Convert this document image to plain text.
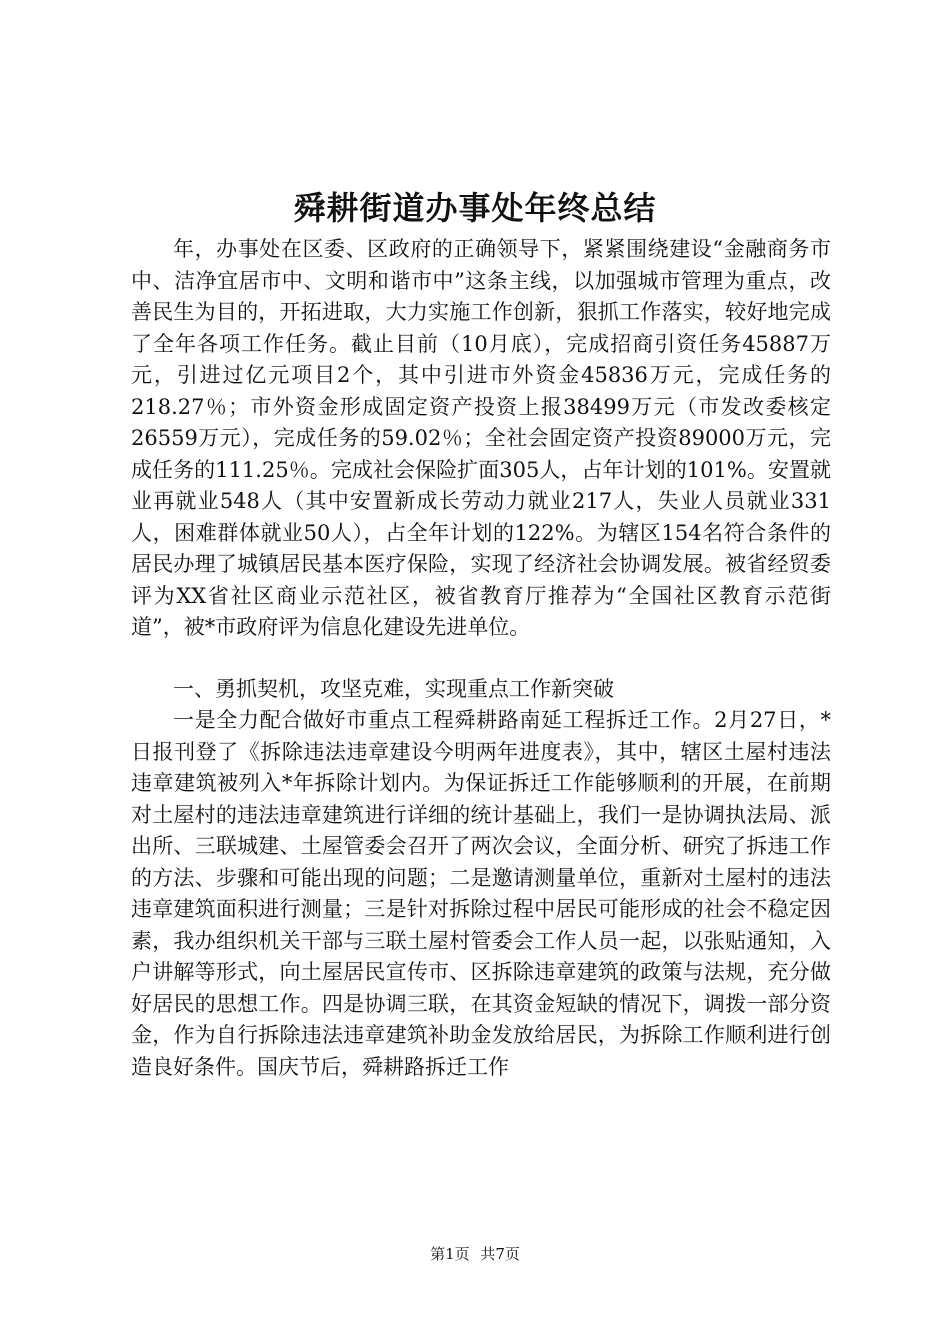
舜耕街道办事处年终总结

年，办事处在区委、区政府的正确领导下，紧紧围绕建设“金融商务市中、洁净宜居市中、文明和谐市中”这条主线，以加强城市管理为重点，改善民生为目的，开拓进取，大力实施工作创新，狠抓工作落实，较好地完成了全年各项工作任务。截止目前（10月底），完成招商引资任务45887万元，引进过亿元项目2个，其中引进市外资金45836万元，完成任务的218.27％；市外资金形成固定资产投资上报38499万元（市发改委核定26559万元），完成任务的59.02％；全社会固定资产投资89000万元，完成任务的111.25％。完成社会保险扩面305人，占年计划的101%。安置就业再就业548人（其中安置新成长劳动力就业217人，失业人员就业331人，困难群体就业50人），占全年计划的122%。为辖区154名符合条件的居民办理了城镇居民基本医疗保险，实现了经济社会协调发展。被省经贸委评为XX省社区商业示范社区，被省教育厅推荐为“全国社区教育示范街道”，被*市政府评为信息化建设先进单位。

一、勇抓契机，攻坚克难，实现重点工作新突破

一是全力配合做好市重点工程舜耕路南延工程拆迁工作。2月27日，*日报刊登了《拆除违法违章建设今明两年进度表》，其中，辖区土屋村违法违章建筑被列入*年拆除计划内。为保证拆迁工作能够顺利的开展，在前期对土屋村的违法违章建筑进行详细的统计基础上，我们一是协调执法局、派出所、三联城建、土屋管委会召开了两次会议，全面分析、研究了拆违工作的方法、步骤和可能出现的问题；二是邀请测量单位，重新对土屋村的违法违章建筑面积进行测量；三是针对拆除过程中居民可能形成的社会不稳定因素，我办组织机关干部与三联土屋村管委会工作人员一起，以张贴通知，入户讲解等形式，向土屋居民宣传市、区拆除违章建筑的政策与法规，充分做好居民的思想工作。四是协调三联，在其资金短缺的情况下，调拨一部分资金，作为自行拆除违法违章建筑补助金发放给居民，为拆除工作顺利进行创造良好条件。国庆节后，舜耕路拆迁工作

第1页 共7页
